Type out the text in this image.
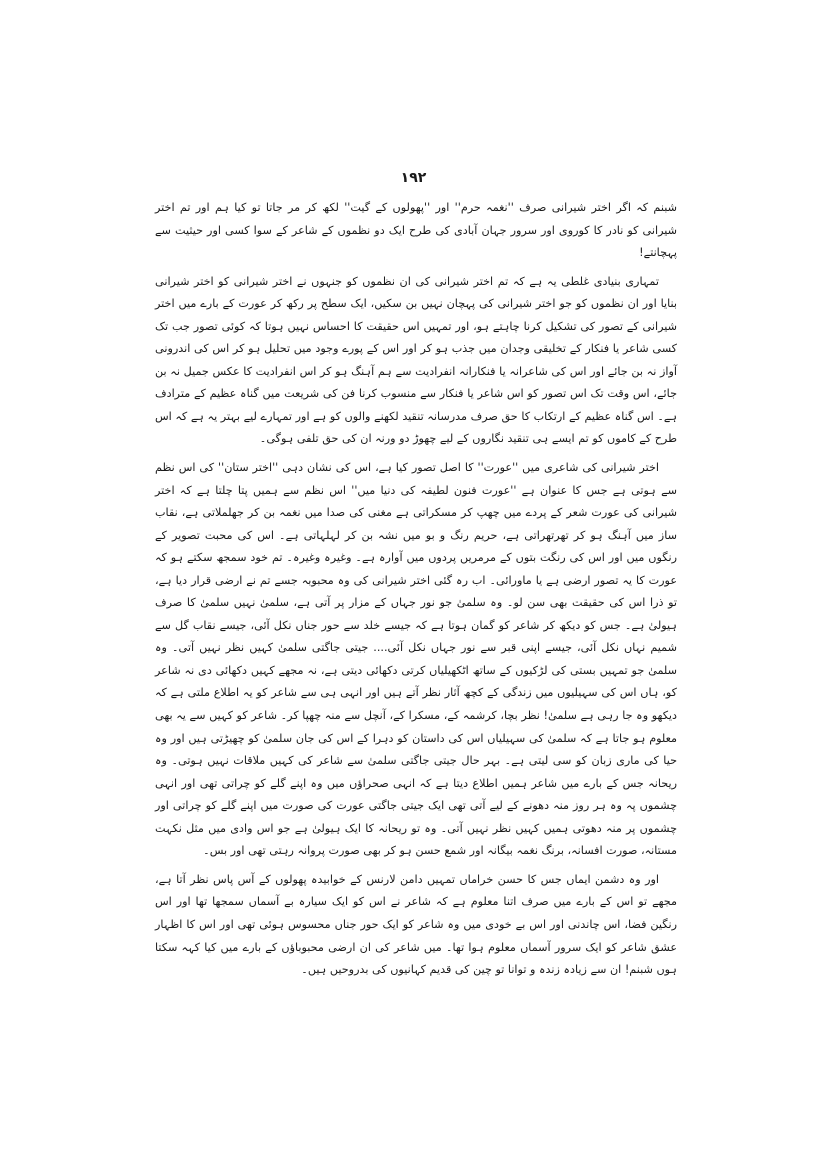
۱۹۲

شبنم کہ اگر اختر شیرانی صرف ''نغمہ حرم'' اور ''پھولوں کے گیت'' لکھ کر مر جاتا تو کیا ہم اور تم اختر شیرانی کو نادر کا کوروی اور سرور جہان آبادی کی طرح ایک دو نظموں کے شاعر کے سوا کسی اور حیثیت سے پہچانتے!

تمہاری بنیادی غلطی یہ ہے کہ تم اختر شیرانی کی ان نظموں کو جنہوں نے اختر شیرانی کو اختر شیرانی بنایا اور ان نظموں کو جو اختر شیرانی کی پہچان نہیں بن سکیں، ایک سطح پر رکھ کر عورت کے بارے میں اختر شیرانی کے تصور کی تشکیل کرنا چاہتے ہو، اور تمہیں اس حقیقت کا احساس نہیں ہوتا کہ کوئی تصور جب تک کسی شاعر یا فنکار کے تخلیقی وجدان میں جذب ہو کر اور اس کے پورے وجود میں تحلیل ہو کر اس کی اندرونی آواز نہ بن جائے اور اس کی شاعرانہ یا فنکارانہ انفرادیت سے ہم آہنگ ہو کر اس انفرادیت کا عکس جمیل نہ بن جائے، اس وقت تک اس تصور کو اس شاعر یا فنکار سے منسوب کرنا فن کی شریعت میں گناہ عظیم کے مترادف ہے۔ اس گناہ عظیم کے ارتکاب کا حق صرف مدرسانہ تنقید لکھنے والوں کو ہے اور تمہارے لیے بہتر یہ ہے کہ اس طرح کے کاموں کو تم ایسے ہی تنقید نگاروں کے لیے چھوڑ دو ورنہ ان کی حق تلفی ہوگی۔

اختر شیرانی کی شاعری میں ''عورت'' کا اصل تصور کیا ہے، اس کی نشان دہی ''اختر ستان'' کی اس نظم سے ہوتی ہے جس کا عنوان ہے ''عورت فنون لطیفہ کی دنیا میں'' اس نظم سے ہمیں پتا چلتا ہے کہ اختر شیرانی کی عورت شعر کے پردے میں چھپ کر مسکراتی ہے مغنی کی صدا میں نغمہ بن کر جھلملاتی ہے، نقاب ساز میں آہنگ ہو کر تھرتھراتی ہے، حریم رنگ و بو میں نشہ بن کر لہلہاتی ہے۔ اس کی محبت تصویر کے رنگوں میں اور اس کی رنگت بتوں کے مرمریں پردوں میں آوارہ ہے۔ وغیرہ وغیرہ۔ تم خود سمجھ سکتے ہو کہ عورت کا یہ تصور ارضی ہے یا ماورائی۔ اب رہ گئی اختر شیرانی کی وہ محبوبہ جسے تم نے ارضی قرار دیا ہے، تو ذرا اس کی حقیقت بھی سن لو۔ وہ سلمیٰ جو نور جہاں کے مزار پر آتی ہے، سلمیٰ نہیں سلمیٰ کا صرف ہیولیٰ ہے۔ جس کو دیکھ کر شاعر کو گمان ہوتا ہے کہ جیسے خلد سے حور جناں نکل آئی، جیسے نقاب گل سے شمیم نہاں نکل آئی، جیسے اپنی قبر سے نور جہاں نکل آئی.... جیتی جاگتی سلمیٰ کہیں نظر نہیں آتی۔ وہ سلمیٰ جو تمہیں بستی کی لڑکیوں کے ساتھ اٹکھیلیاں کرتی دکھائی دیتی ہے، نہ مجھے کہیں دکھائی دی نہ شاعر کو، ہاں اس کی سہیلیوں میں زندگی کے کچھ آثار نظر آتے ہیں اور انہی ہی سے شاعر کو یہ اطلاع ملتی ہے کہ دیکھو وہ جا رہی ہے سلمیٰ! نظر بچا، کرشمہ کے، مسکرا کے، آنچل سے منہ چھپا کر۔ شاعر کو کہیں سے یہ بھی معلوم ہو جاتا ہے کہ سلمیٰ کی سہیلیاں اس کی داستان کو دہرا کے اس کی جان سلمیٰ کو چھیڑتی ہیں اور وہ حیا کی ماری زبان کو سی لیتی ہے۔ بہر حال جیتی جاگتی سلمیٰ سے شاعر کی کہیں ملاقات نہیں ہوتی۔ وہ ریحانہ جس کے بارے میں شاعر ہمیں اطلاع دیتا ہے کہ انہی صحراؤں میں وہ اپنے گلے کو چراتی تھی اور انہی چشموں پہ وہ ہر روز منہ دھونے کے لیے آتی تھی ایک جیتی جاگتی عورت کی صورت میں اپنے گلے کو چراتی اور چشموں پر منہ دھوتی ہمیں کہیں نظر نہیں آتی۔ وہ تو ریحانہ کا ایک ہیولیٰ ہے جو اس وادی میں مثل نکہت مستانہ، صورت افسانہ، برنگ نغمہ بیگانہ اور شمع حسن ہو کر بھی صورت پروانہ رہتی تھی اور بس۔

اور وہ دشمن ایماں جس کا حسن خراماں تمہیں دامن لارنس کے خوابیدہ پھولوں کے آس پاس نظر آتا ہے، مجھے تو اس کے بارے میں صرف اتنا معلوم ہے کہ شاعر نے اس کو ایک سیارہ بے آسماں سمجھا تھا اور اس رنگین فضا، اس چاندنی اور اس بے خودی میں وہ شاعر کو ایک حور جناں محسوس ہوئی تھی اور اس کا اظہار عشق شاعر کو ایک سرور آسماں معلوم ہوا تھا۔ میں شاعر کی ان ارضی محبوباؤں کے بارے میں کیا کہہ سکتا ہوں شبنم! ان سے زیادہ زندہ و توانا تو چین کی قدیم کہانیوں کی بدروحیں ہیں۔
